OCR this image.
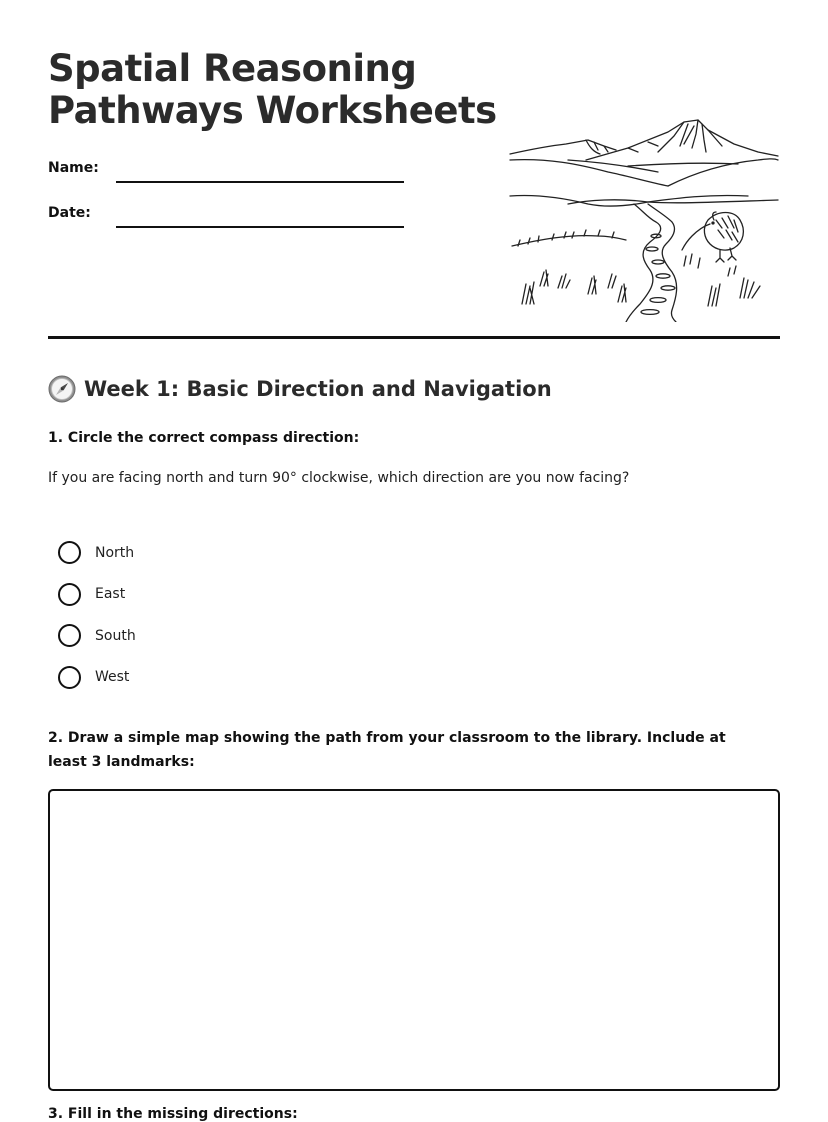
Spatial Reasoning
Pathways Worksheets
Name:
Date:
Week 1: Basic Direction and Navigation

1. Circle the correct compass direction:

If you are facing north and turn 90° clockwise, which direction are you now facing?

North
East
South
West

2. Draw a simple map showing the path from your classroom to the library. Include at least 3 landmarks:

3. Fill in the missing directions:
